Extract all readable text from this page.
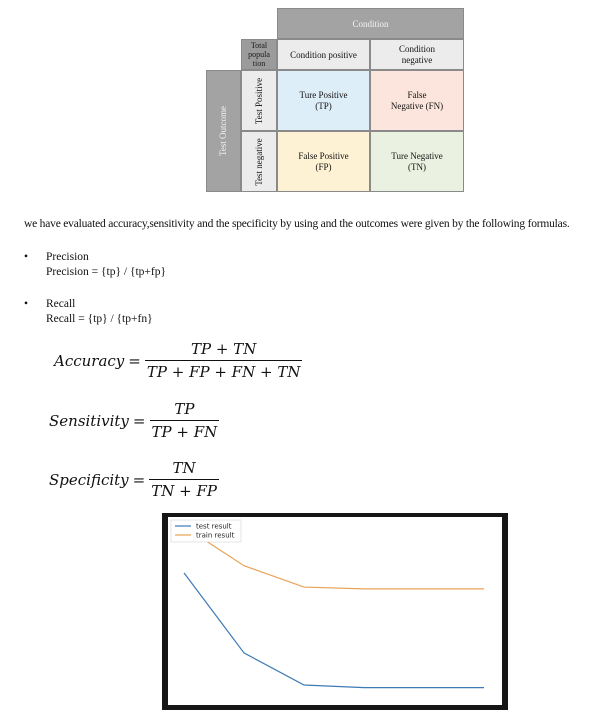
Condition
Total
popula
tion
Condition positive
Condition
negative
Test Outcome
Test Positive
Test negative
Ture Positive
(TP)
False
Negative (FN)
False Positive
(FP)
Ture Negative
(TN)
we have evaluated accuracy,sensitivity and the specificity by using and the outcomes were given by the following formulas.
• Precision
Precision = {tp} / {tp+fp}
• Recall
Recall = {tp} / {tp+fn}
Accuracy = $\frac{TP + TN}{TP + FP + FN + TN}$
Sensitivity = $\frac{TP}{TP + FN}$
Specificity = $\frac{TN}{TN + FP}$
test result
train result
